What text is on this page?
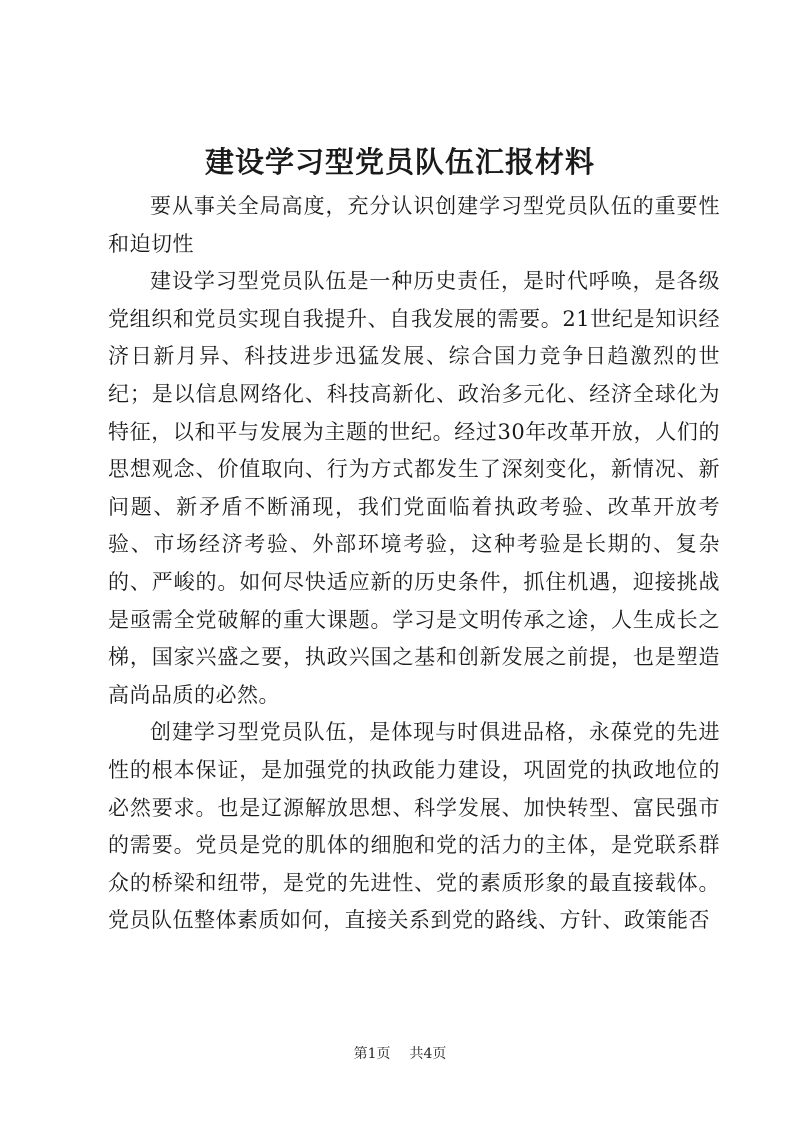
建设学习型党员队伍汇报材料

要从事关全局高度，充分认识创建学习型党员队伍的重要性和迫切性

建设学习型党员队伍是一种历史责任，是时代呼唤，是各级党组织和党员实现自我提升、自我发展的需要。21世纪是知识经济日新月异、科技进步迅猛发展、综合国力竞争日趋激烈的世纪；是以信息网络化、科技高新化、政治多元化、经济全球化为特征，以和平与发展为主题的世纪。经过30年改革开放，人们的思想观念、价值取向、行为方式都发生了深刻变化，新情况、新问题、新矛盾不断涌现，我们党面临着执政考验、改革开放考验、市场经济考验、外部环境考验，这种考验是长期的、复杂的、严峻的。如何尽快适应新的历史条件，抓住机遇，迎接挑战是亟需全党破解的重大课题。学习是文明传承之途，人生成长之梯，国家兴盛之要，执政兴国之基和创新发展之前提，也是塑造高尚品质的必然。

创建学习型党员队伍，是体现与时俱进品格，永葆党的先进性的根本保证，是加强党的执政能力建设，巩固党的执政地位的必然要求。也是辽源解放思想、科学发展、加快转型、富民强市的需要。党员是党的肌体的细胞和党的活力的主体，是党联系群众的桥梁和纽带，是党的先进性、党的素质形象的最直接载体。党员队伍整体素质如何，直接关系到党的路线、方针、政策能否

第1页 共4页
